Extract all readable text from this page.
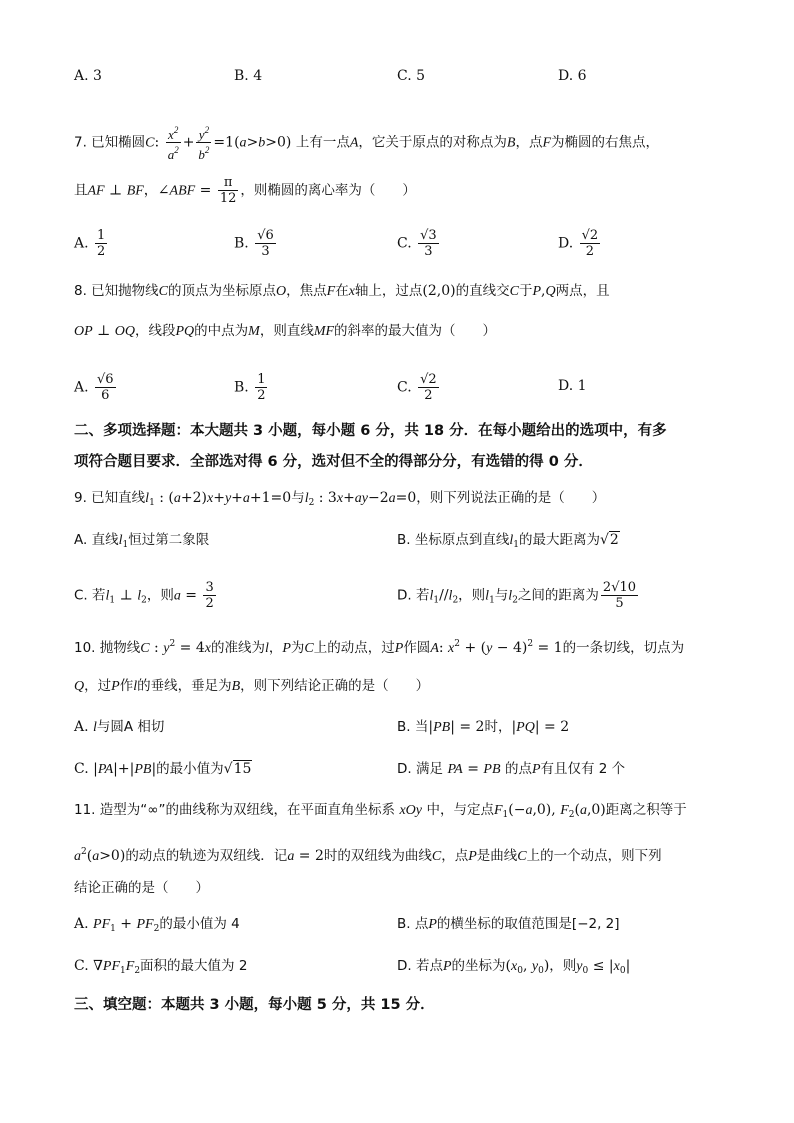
A. 3	B. 4	C. 5	D. 6
7. 已知椭圆C: $\frac{x^2}{a^2} + \frac{y^2}{b^2} =1(a>b>0)$ 上有一点A，它关于原点的对称点为B，点F为椭圆的右焦点，
且AF ⊥ BF，∠ABF = $\frac{\pi}{12}$ ，则椭圆的离心率为（　　）
A. $\frac{1}{2}$	B. $\frac{√6}{3}$	C. $\frac{√3}{3}$	D. $\frac{√2}{2}$
8. 已知抛物线C的顶点为坐标原点O，焦点F在x轴上，过点(2,0)的直线交C于P,Q两点，且
OP ⊥ OQ，线段PQ的中点为M，则直线MF的斜率的最大值为（　　）
A. $\frac{√6}{6}$	B. $\frac{1}{2}$	C. $\frac{√2}{2}$	D. 1
二、多项选择题：本大题共 3 小题，每小题 6 分，共 18 分．在每小题给出的选项中，有多
项符合题目要求．全部选对得 6 分，选对但不全的得部分分，有选错的得 0 分．
9. 已知直线$l_1$ : (a+2)x+y+a+1=0与$l_2$ : 3x+ay−2a=0，则下列说法正确的是（　　）
A. 直线$l_1$恒过第二象限	B. 坐标原点到直线$l_1$的最大距离为√2
C. 若$l_1$ ⊥ $l_2$，则$a = \frac{3}{2}$	D. 若$l_1//l_2$，则$l_1$与$l_2$之间的距离为 $\frac{2√10}{5}$
10. 抛物线C : $y^2 = 4x$的准线为l，P为C上的动点，过P作圆A: $x^2 + (y - 4)^2 = 1$的一条切线，切点为
Q，过P作l的垂线，垂足为B，则下列结论正确的是（　　）
A. l与圆A 相切	B. 当|PB| = 2时，|PQ| = 2
C. |PA|+|PB|的最小值为√15	D. 满足 PA = PB 的点P有且仅有 2 个
11. 造型为“∞”的曲线称为双纽线，在平面直角坐标系 xOy 中，与定点$F_1(-a,0)$, $F_2(a,0)$距离之积等于
$a^2(a>0)$的动点的轨迹为双纽线．记a = 2时的双纽线为曲线C，点P是曲线C上的一个动点，则下列
结论正确的是（　　）
A. $PF_1 + PF_2$的最小值为 4	B. 点P的横坐标的取值范围是[−2, 2]
C. $\nabla PF_1F_2$面积的最大值为 2	D. 若点P的坐标为($x_0$, $y_0$)，则$y_0 \le |x_0|$
三、填空题：本题共 3 小题，每小题 5 分，共 15 分．
